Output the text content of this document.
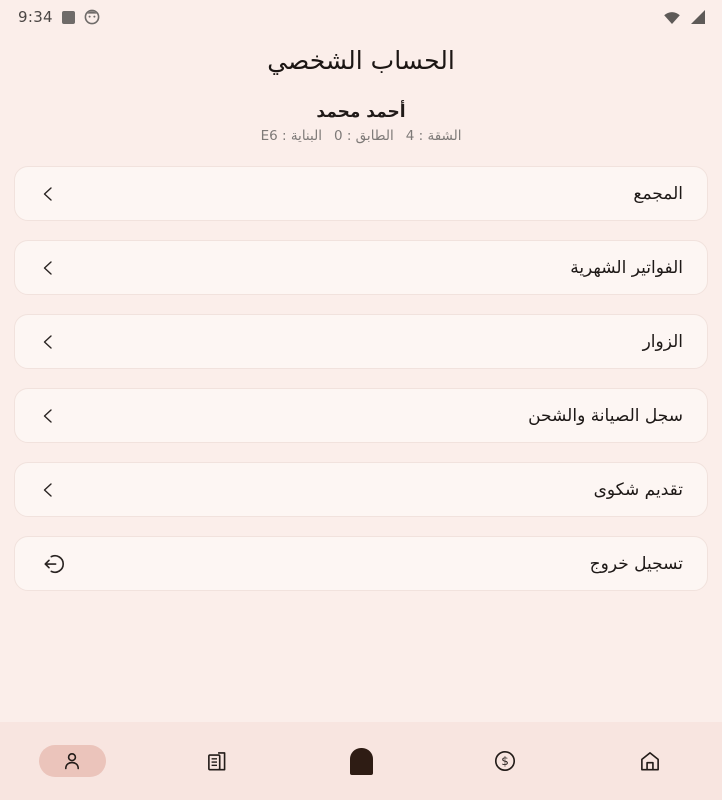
9:34
الحساب الشخصي
أحمد محمد
البناية : E6 الطابق : 0 الشقة : 4
المجمع
الفواتير الشهرية
الزوار
سجل الصيانة والشحن
تقديم شكوى
تسجيل خروج
$
